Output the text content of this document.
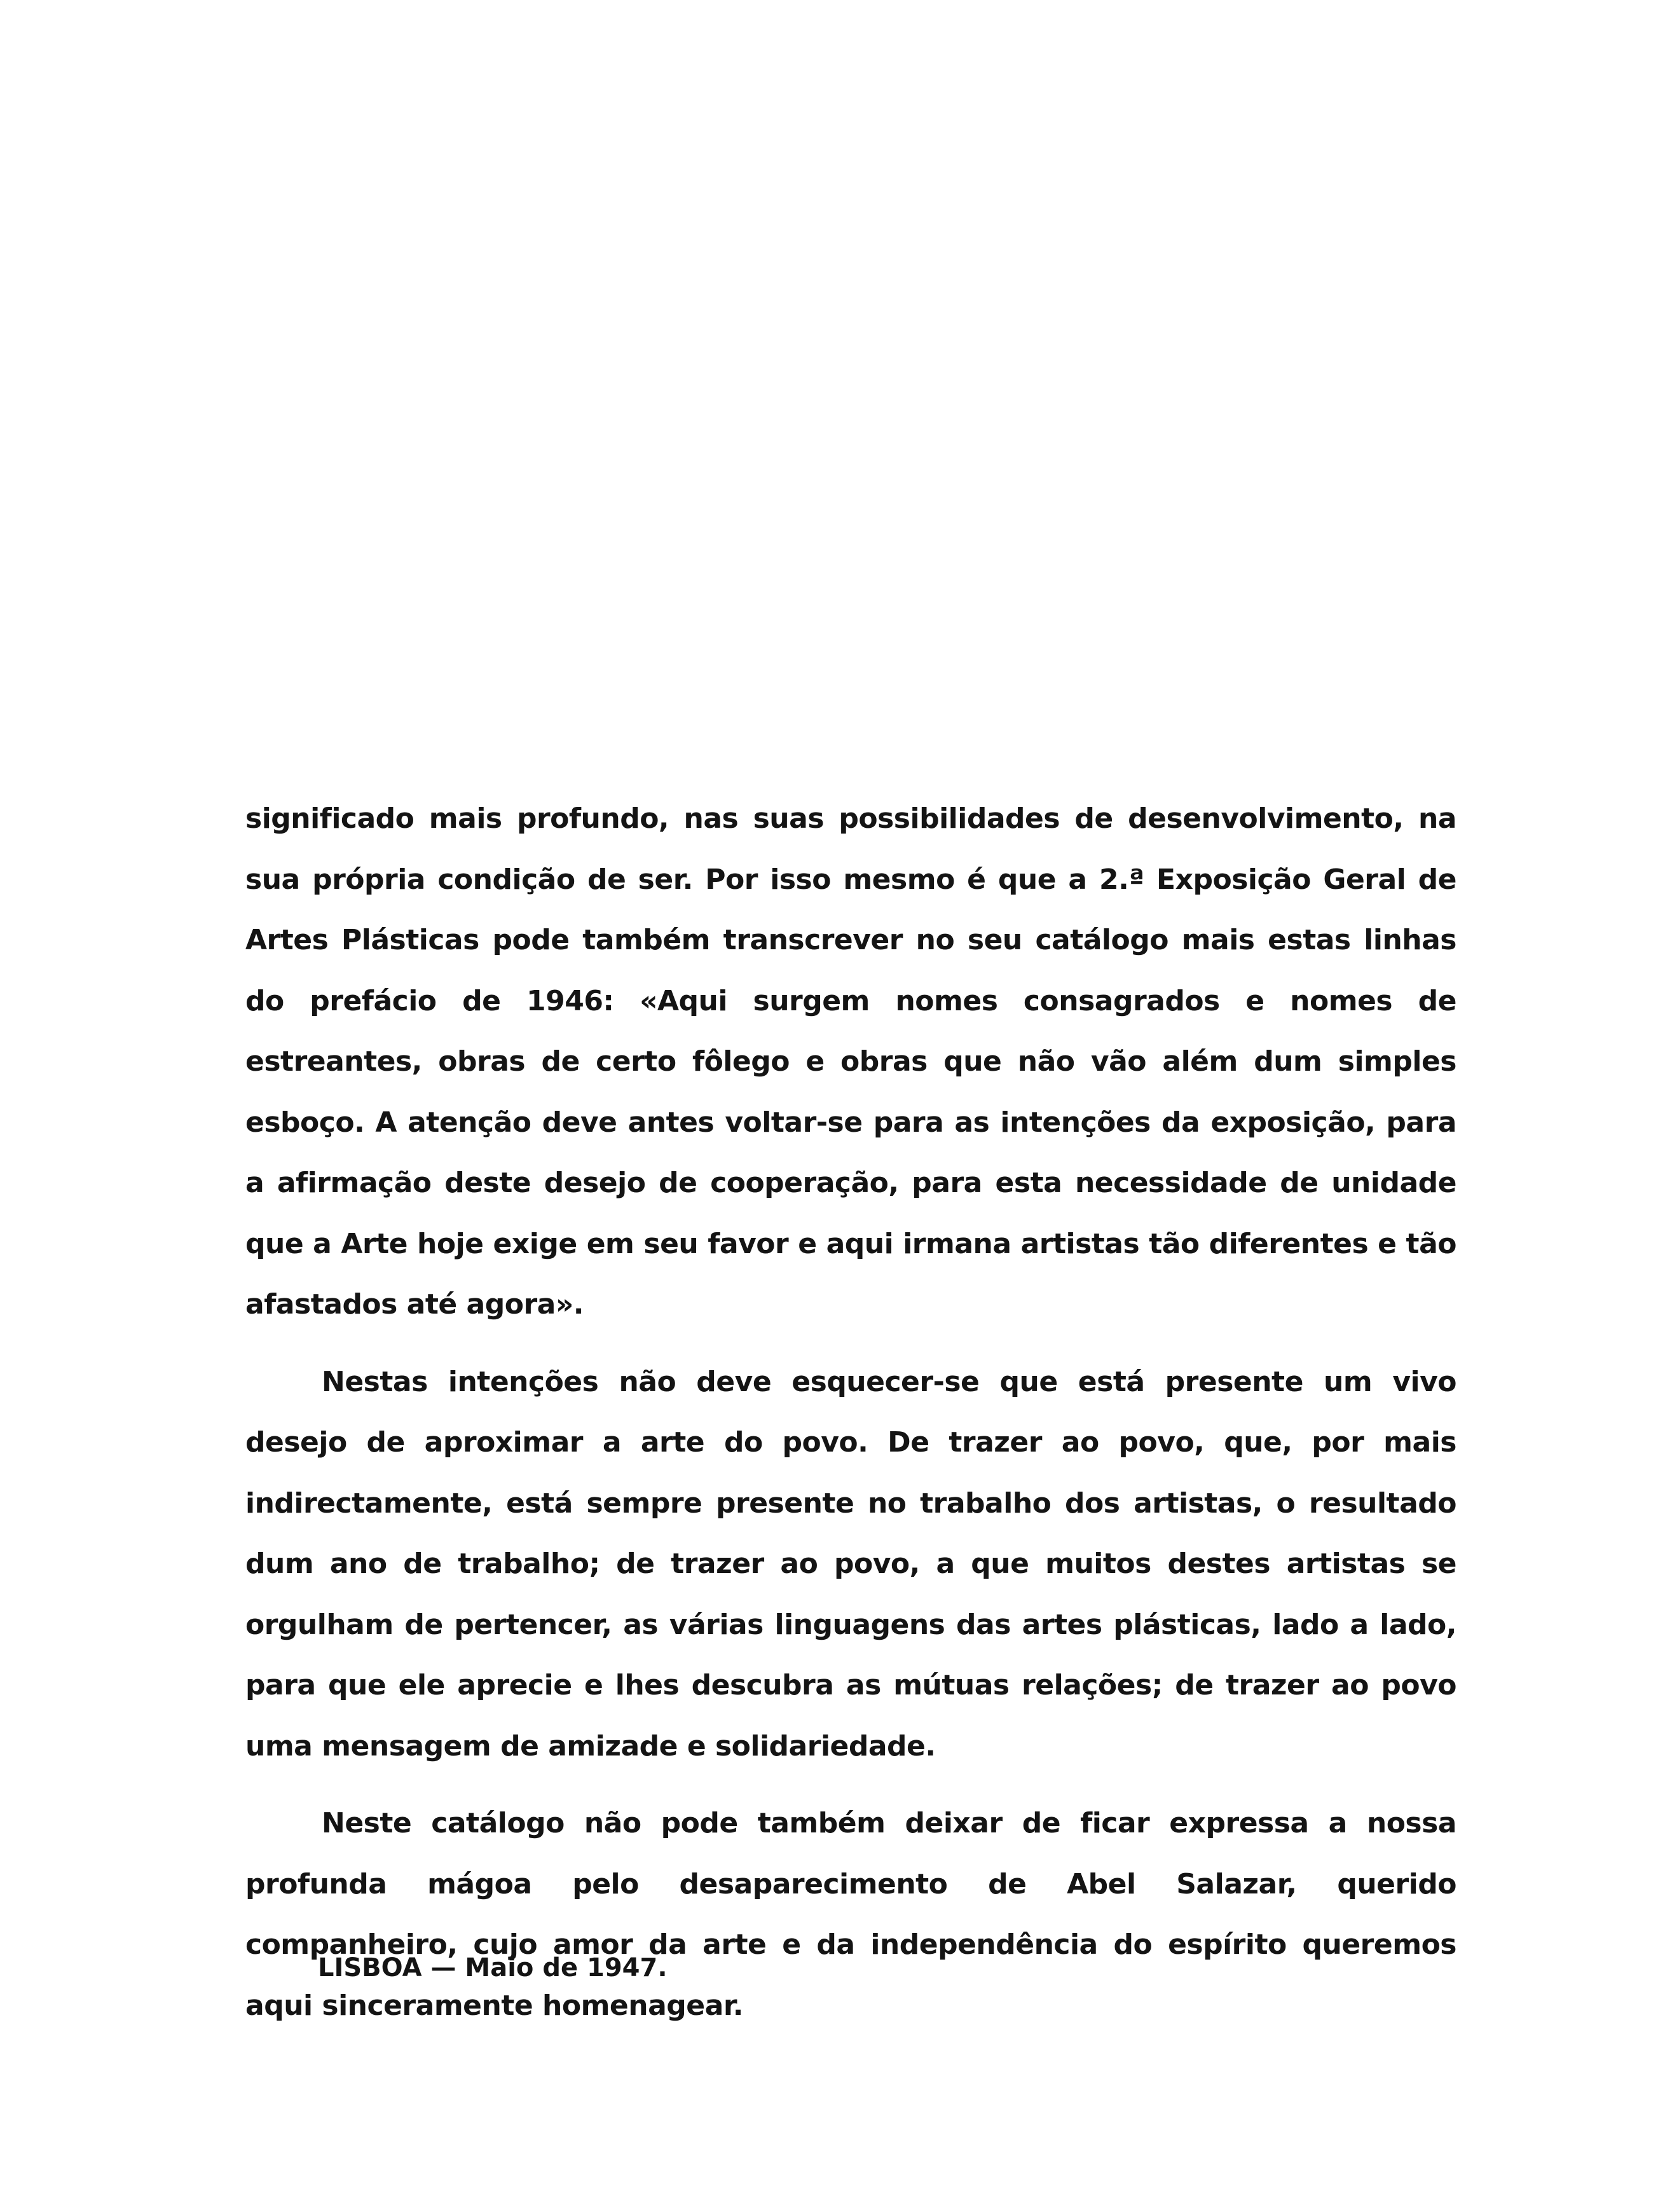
significado mais profundo, nas suas possibilidades de desenvolvimento, na sua própria condição de ser. Por isso mesmo é que a 2.ª Exposição Geral de Artes Plásticas pode também transcrever no seu catálogo mais estas linhas do prefácio de 1946: «Aqui surgem nomes consagrados e nomes de estreantes, obras de certo fôlego e obras que não vão além dum simples esboço. A atenção deve antes voltar-se para as intenções da exposição, para a afirmação deste desejo de cooperação, para esta necessidade de unidade que a Arte hoje exige em seu favor e aqui irmana artistas tão diferentes e tão afastados até agora».

Nestas intenções não deve esquecer-se que está presente um vivo desejo de aproximar a arte do povo. De trazer ao povo, que, por mais indirectamente, está sempre presente no trabalho dos artistas, o resultado dum ano de trabalho; de trazer ao povo, a que muitos destes artistas se orgulham de pertencer, as várias linguagens das artes plásticas, lado a lado, para que ele aprecie e lhes descubra as mútuas relações; de trazer ao povo uma mensagem de amizade e solidariedade.

Neste catálogo não pode também deixar de ficar expressa a nossa profunda mágoa pelo desaparecimento de Abel Salazar, querido companheiro, cujo amor da arte e da independência do espírito queremos aqui sinceramente homenagear.

LISBOA — Maio de 1947.
